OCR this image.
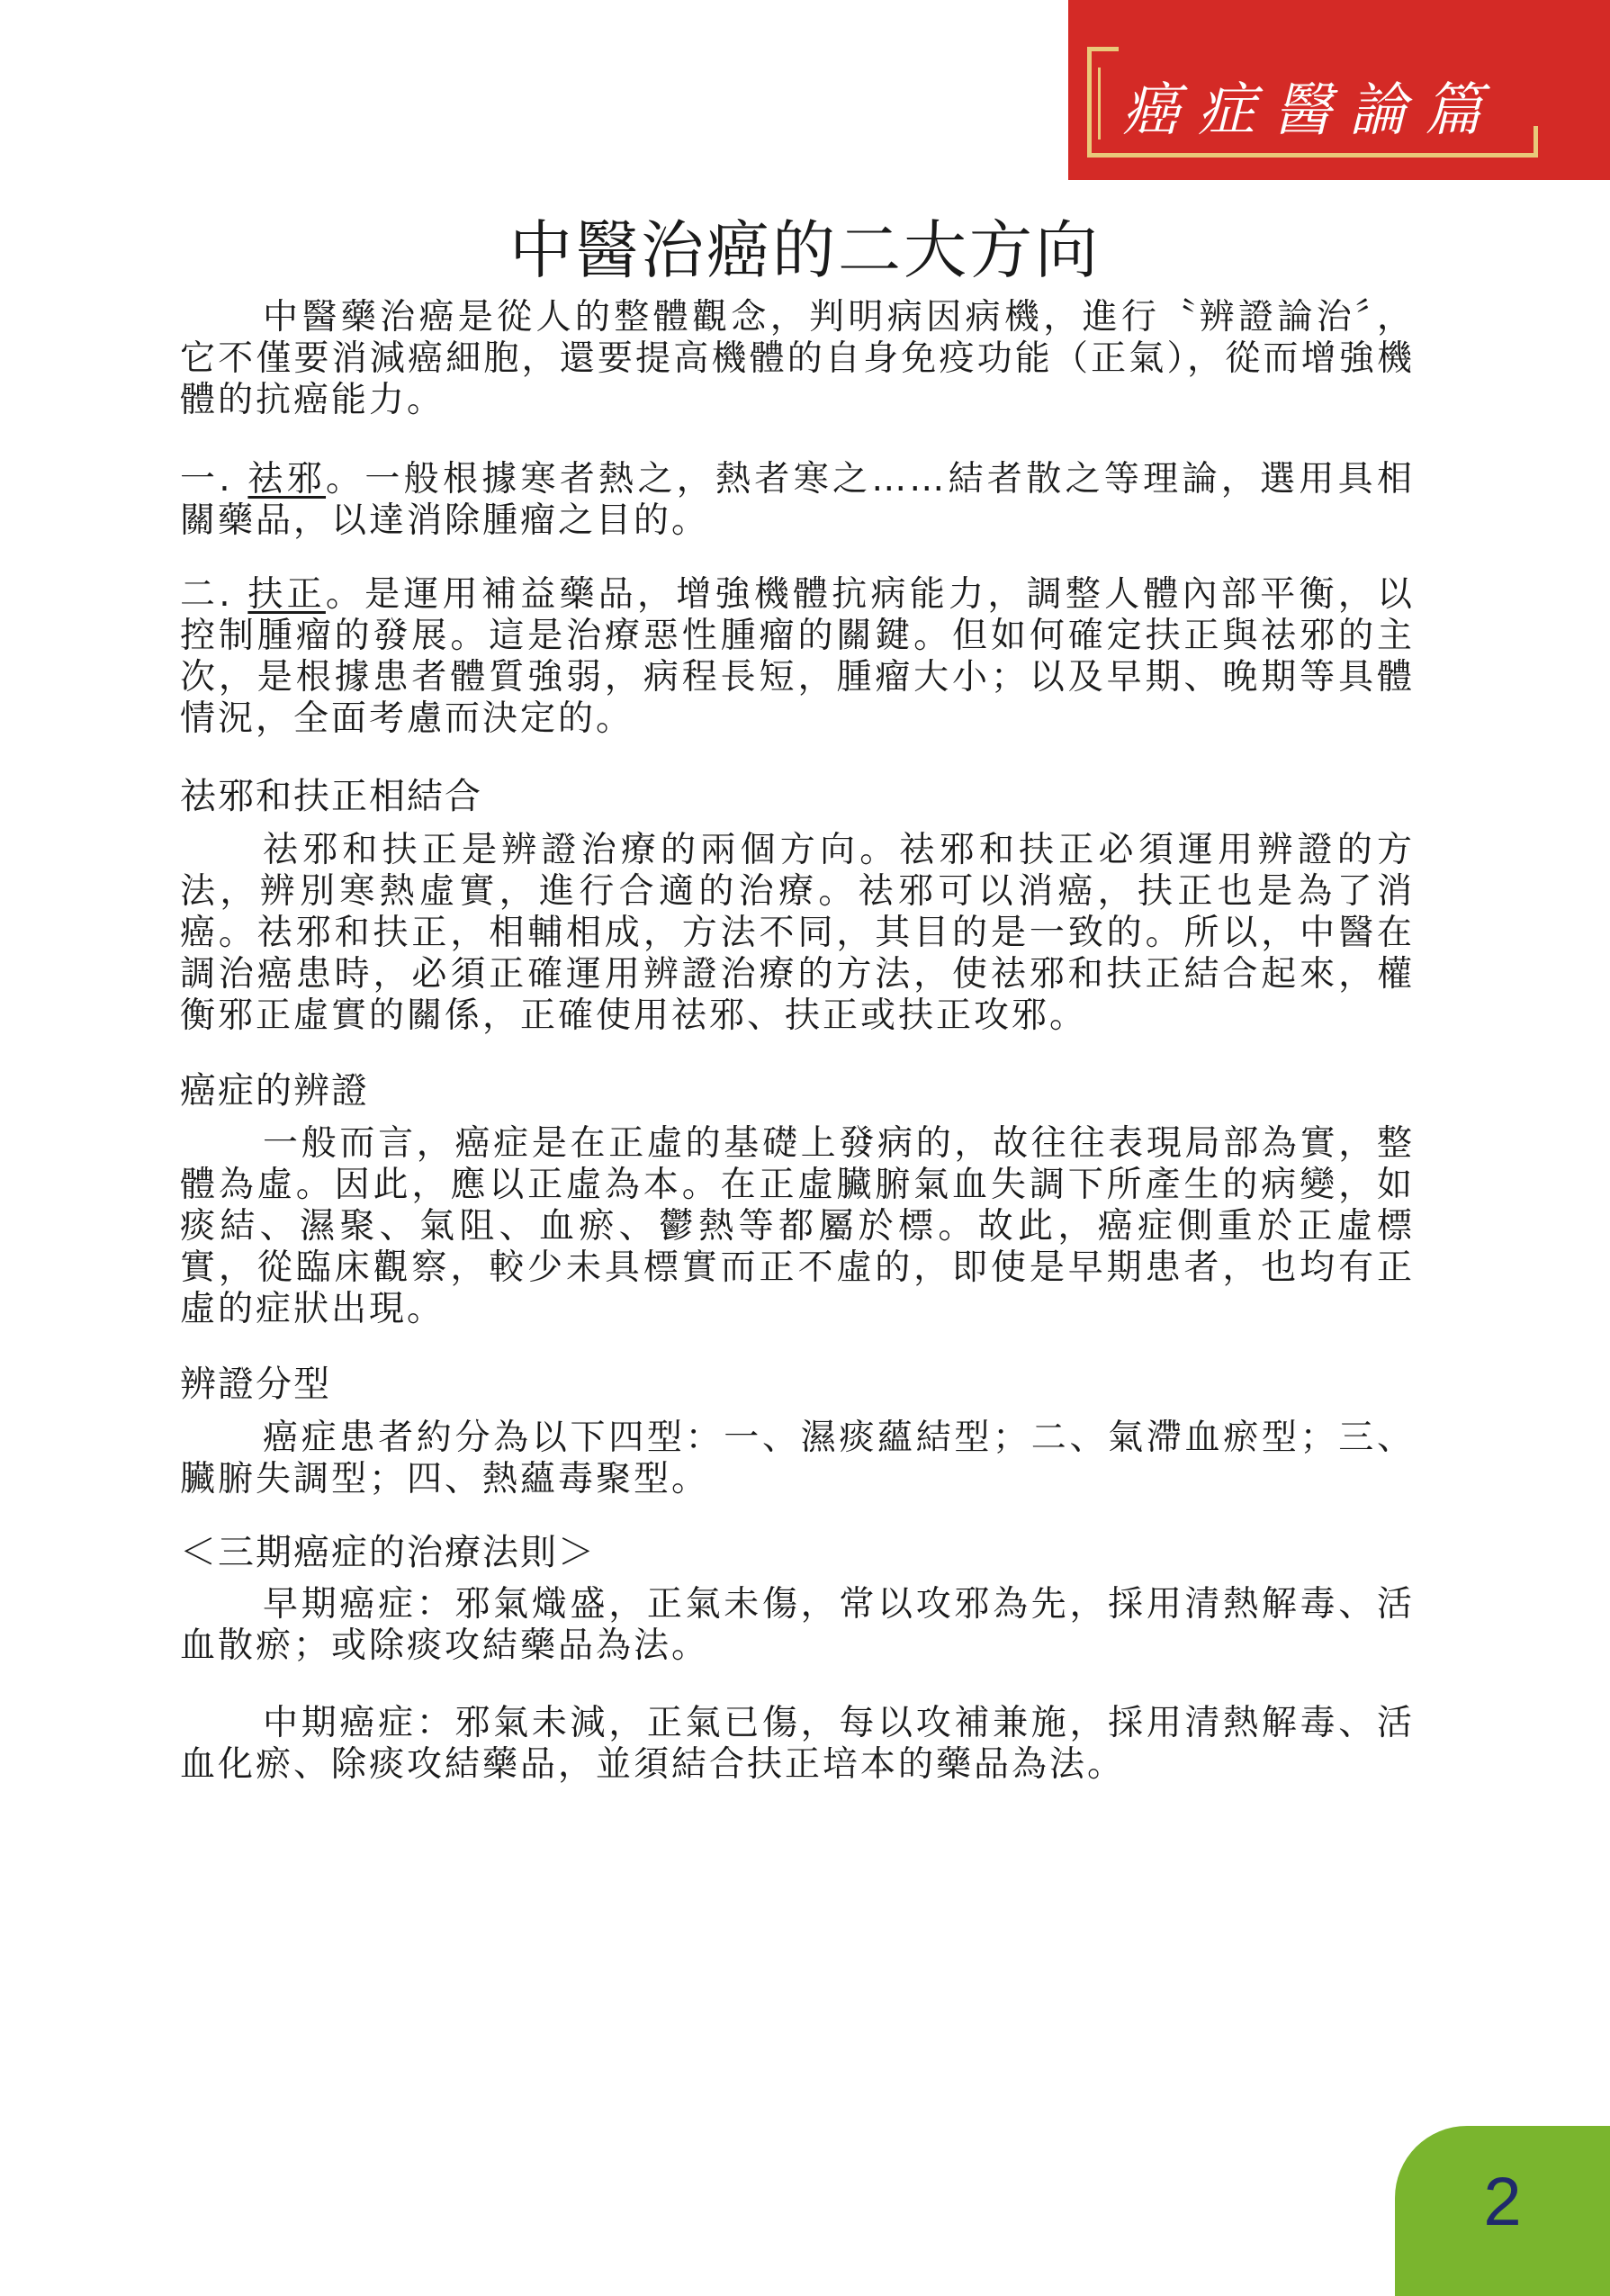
癌症醫論篇
中醫治癌的二大方向

中醫藥治癌是從人的整體觀念，判明病因病機，進行〝辨證論治〞，它不僅要消減癌細胞，還要提高機體的自身免疫功能（正氣），從而增強機體的抗癌能力。

一. 祛邪。一般根據寒者熱之，熱者寒之……結者散之等理論，選用具相關藥品，以達消除腫瘤之目的。

二. 扶正。是運用補益藥品，增強機體抗病能力，調整人體內部平衡，以控制腫瘤的發展。這是治療惡性腫瘤的關鍵。但如何確定扶正與祛邪的主次，是根據患者體質強弱，病程長短，腫瘤大小；以及早期、晚期等具體情況，全面考慮而決定的。

祛邪和扶正相結合

祛邪和扶正是辨證治療的兩個方向。祛邪和扶正必須運用辨證的方法，辨別寒熱虛實，進行合適的治療。祛邪可以消癌，扶正也是為了消癌。祛邪和扶正，相輔相成，方法不同，其目的是一致的。所以，中醫在調治癌患時，必須正確運用辨證治療的方法，使祛邪和扶正結合起來，權衡邪正虛實的關係，正確使用祛邪、扶正或扶正攻邪。

癌症的辨證

一般而言，癌症是在正虛的基礎上發病的，故往往表現局部為實，整體為虛。因此，應以正虛為本。在正虛臟腑氣血失調下所產生的病變，如痰結、濕聚、氣阻、血瘀、鬱熱等都屬於標。故此，癌症側重於正虛標實，從臨床觀察，較少未具標實而正不虛的，即使是早期患者，也均有正虛的症狀出現。

辨證分型

癌症患者約分為以下四型：一、濕痰蘊結型；二、氣滯血瘀型；三、臟腑失調型；四、熱蘊毒聚型。

＜三期癌症的治療法則＞

早期癌症：邪氣熾盛，正氣未傷，常以攻邪為先，採用清熱解毒、活血散瘀；或除痰攻結藥品為法。

中期癌症：邪氣未減，正氣已傷，每以攻補兼施，採用清熱解毒、活血化瘀、除痰攻結藥品，並須結合扶正培本的藥品為法。

2
